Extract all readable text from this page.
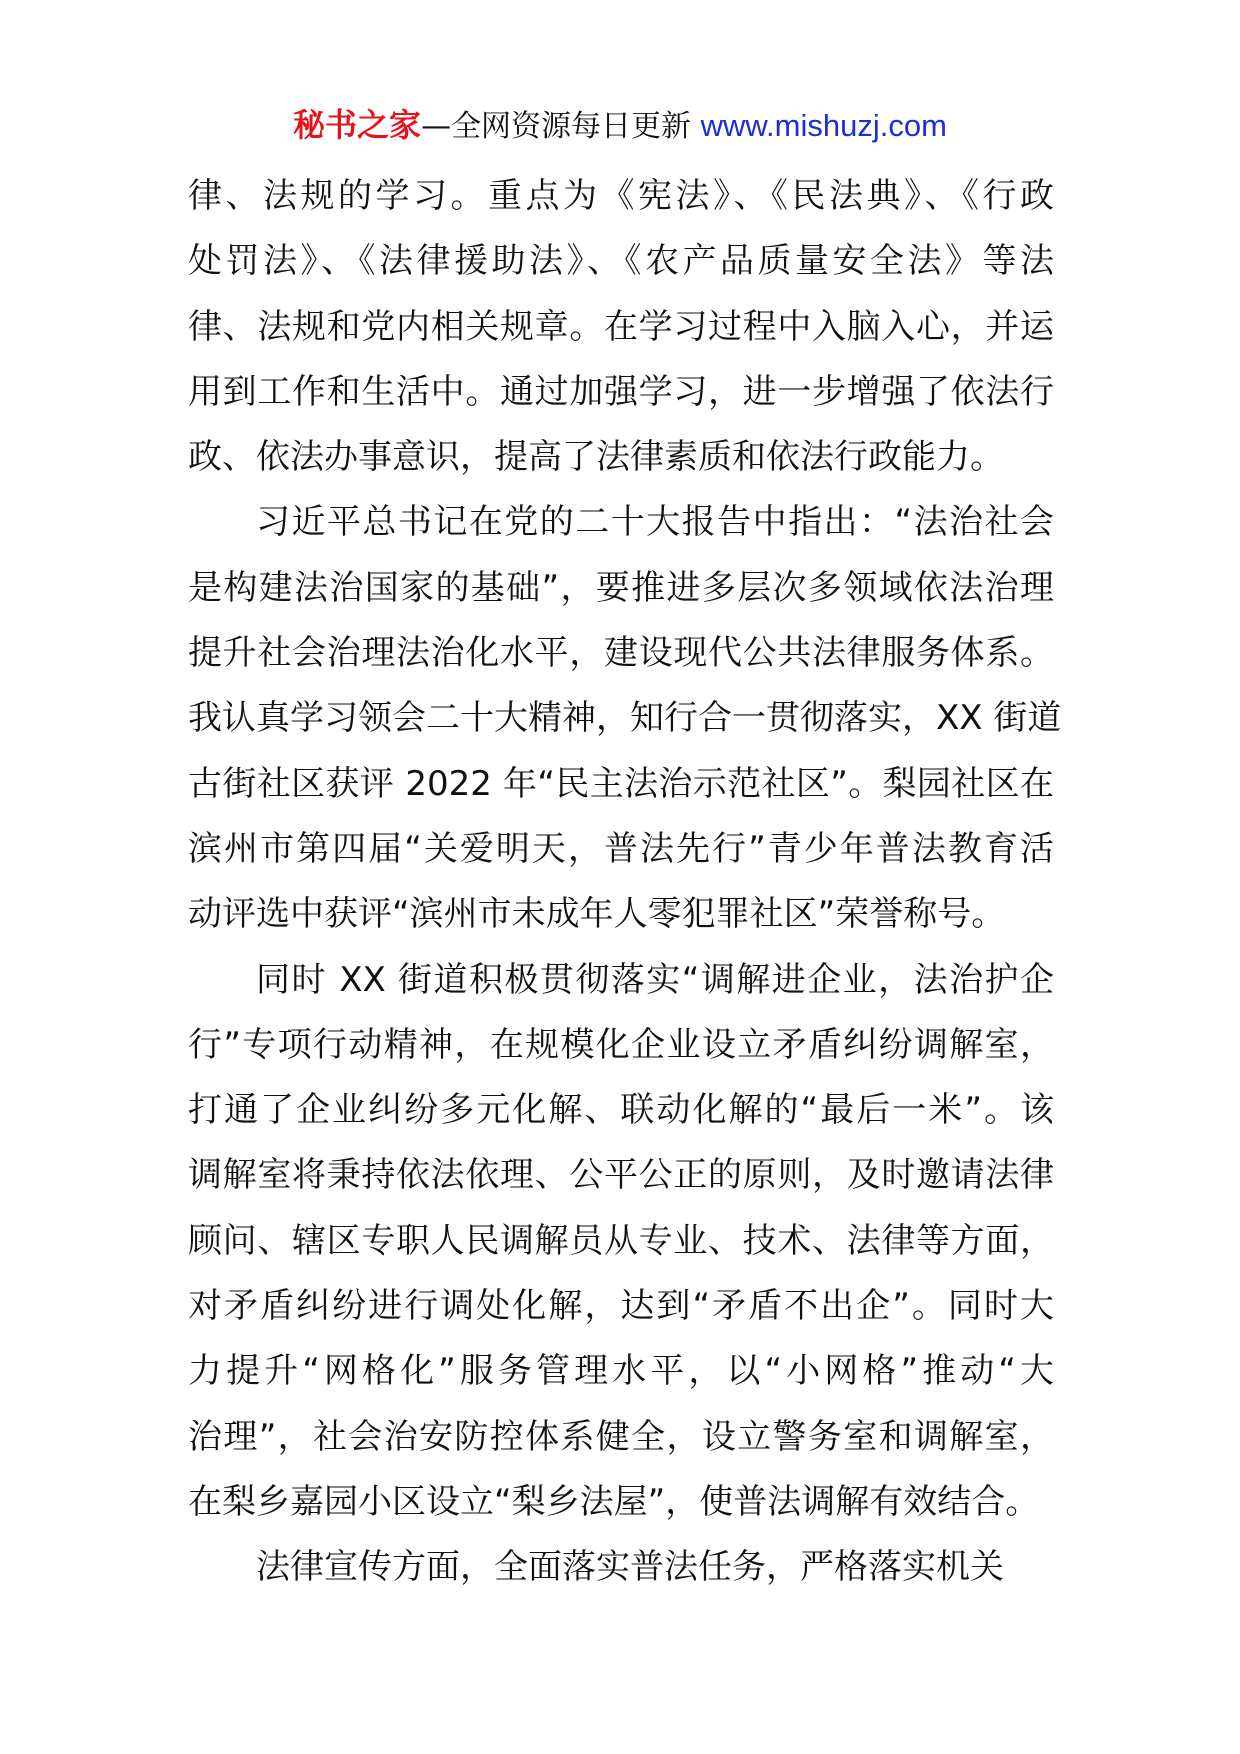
秘书之家—全网资源每日更新 www.mishuzj.com
律、法规的学习。重点为《宪法》、《民法典》、《行政
处罚法》、《法律援助法》、《农产品质量安全法》等法
律、法规和党内相关规章。在学习过程中入脑入心，并运
用到工作和生活中。通过加强学习，进一步增强了依法行
政、依法办事意识，提高了法律素质和依法行政能力。
习近平总书记在党的二十大报告中指出：“法治社会
是构建法治国家的基础”，要推进多层次多领域依法治理
提升社会治理法治化水平，建设现代公共法律服务体系。
我认真学习领会二十大精神，知行合一贯彻落实，XX 街道
古街社区获评 2022 年“民主法治示范社区”。梨园社区在
滨州市第四届“关爱明天，普法先行”青少年普法教育活
动评选中获评“滨州市未成年人零犯罪社区”荣誉称号。
同时 XX 街道积极贯彻落实“调解进企业，法治护企
行”专项行动精神，在规模化企业设立矛盾纠纷调解室，
打通了企业纠纷多元化解、联动化解的“最后一米”。该
调解室将秉持依法依理、公平公正的原则，及时邀请法律
顾问、辖区专职人民调解员从专业、技术、法律等方面，
对矛盾纠纷进行调处化解，达到“矛盾不出企”。同时大
力提升“网格化”服务管理水平，以“小网格”推动“大
治理”，社会治安防控体系健全，设立警务室和调解室，
在梨乡嘉园小区设立“梨乡法屋”，使普法调解有效结合。
法律宣传方面，全面落实普法任务，严格落实机关
